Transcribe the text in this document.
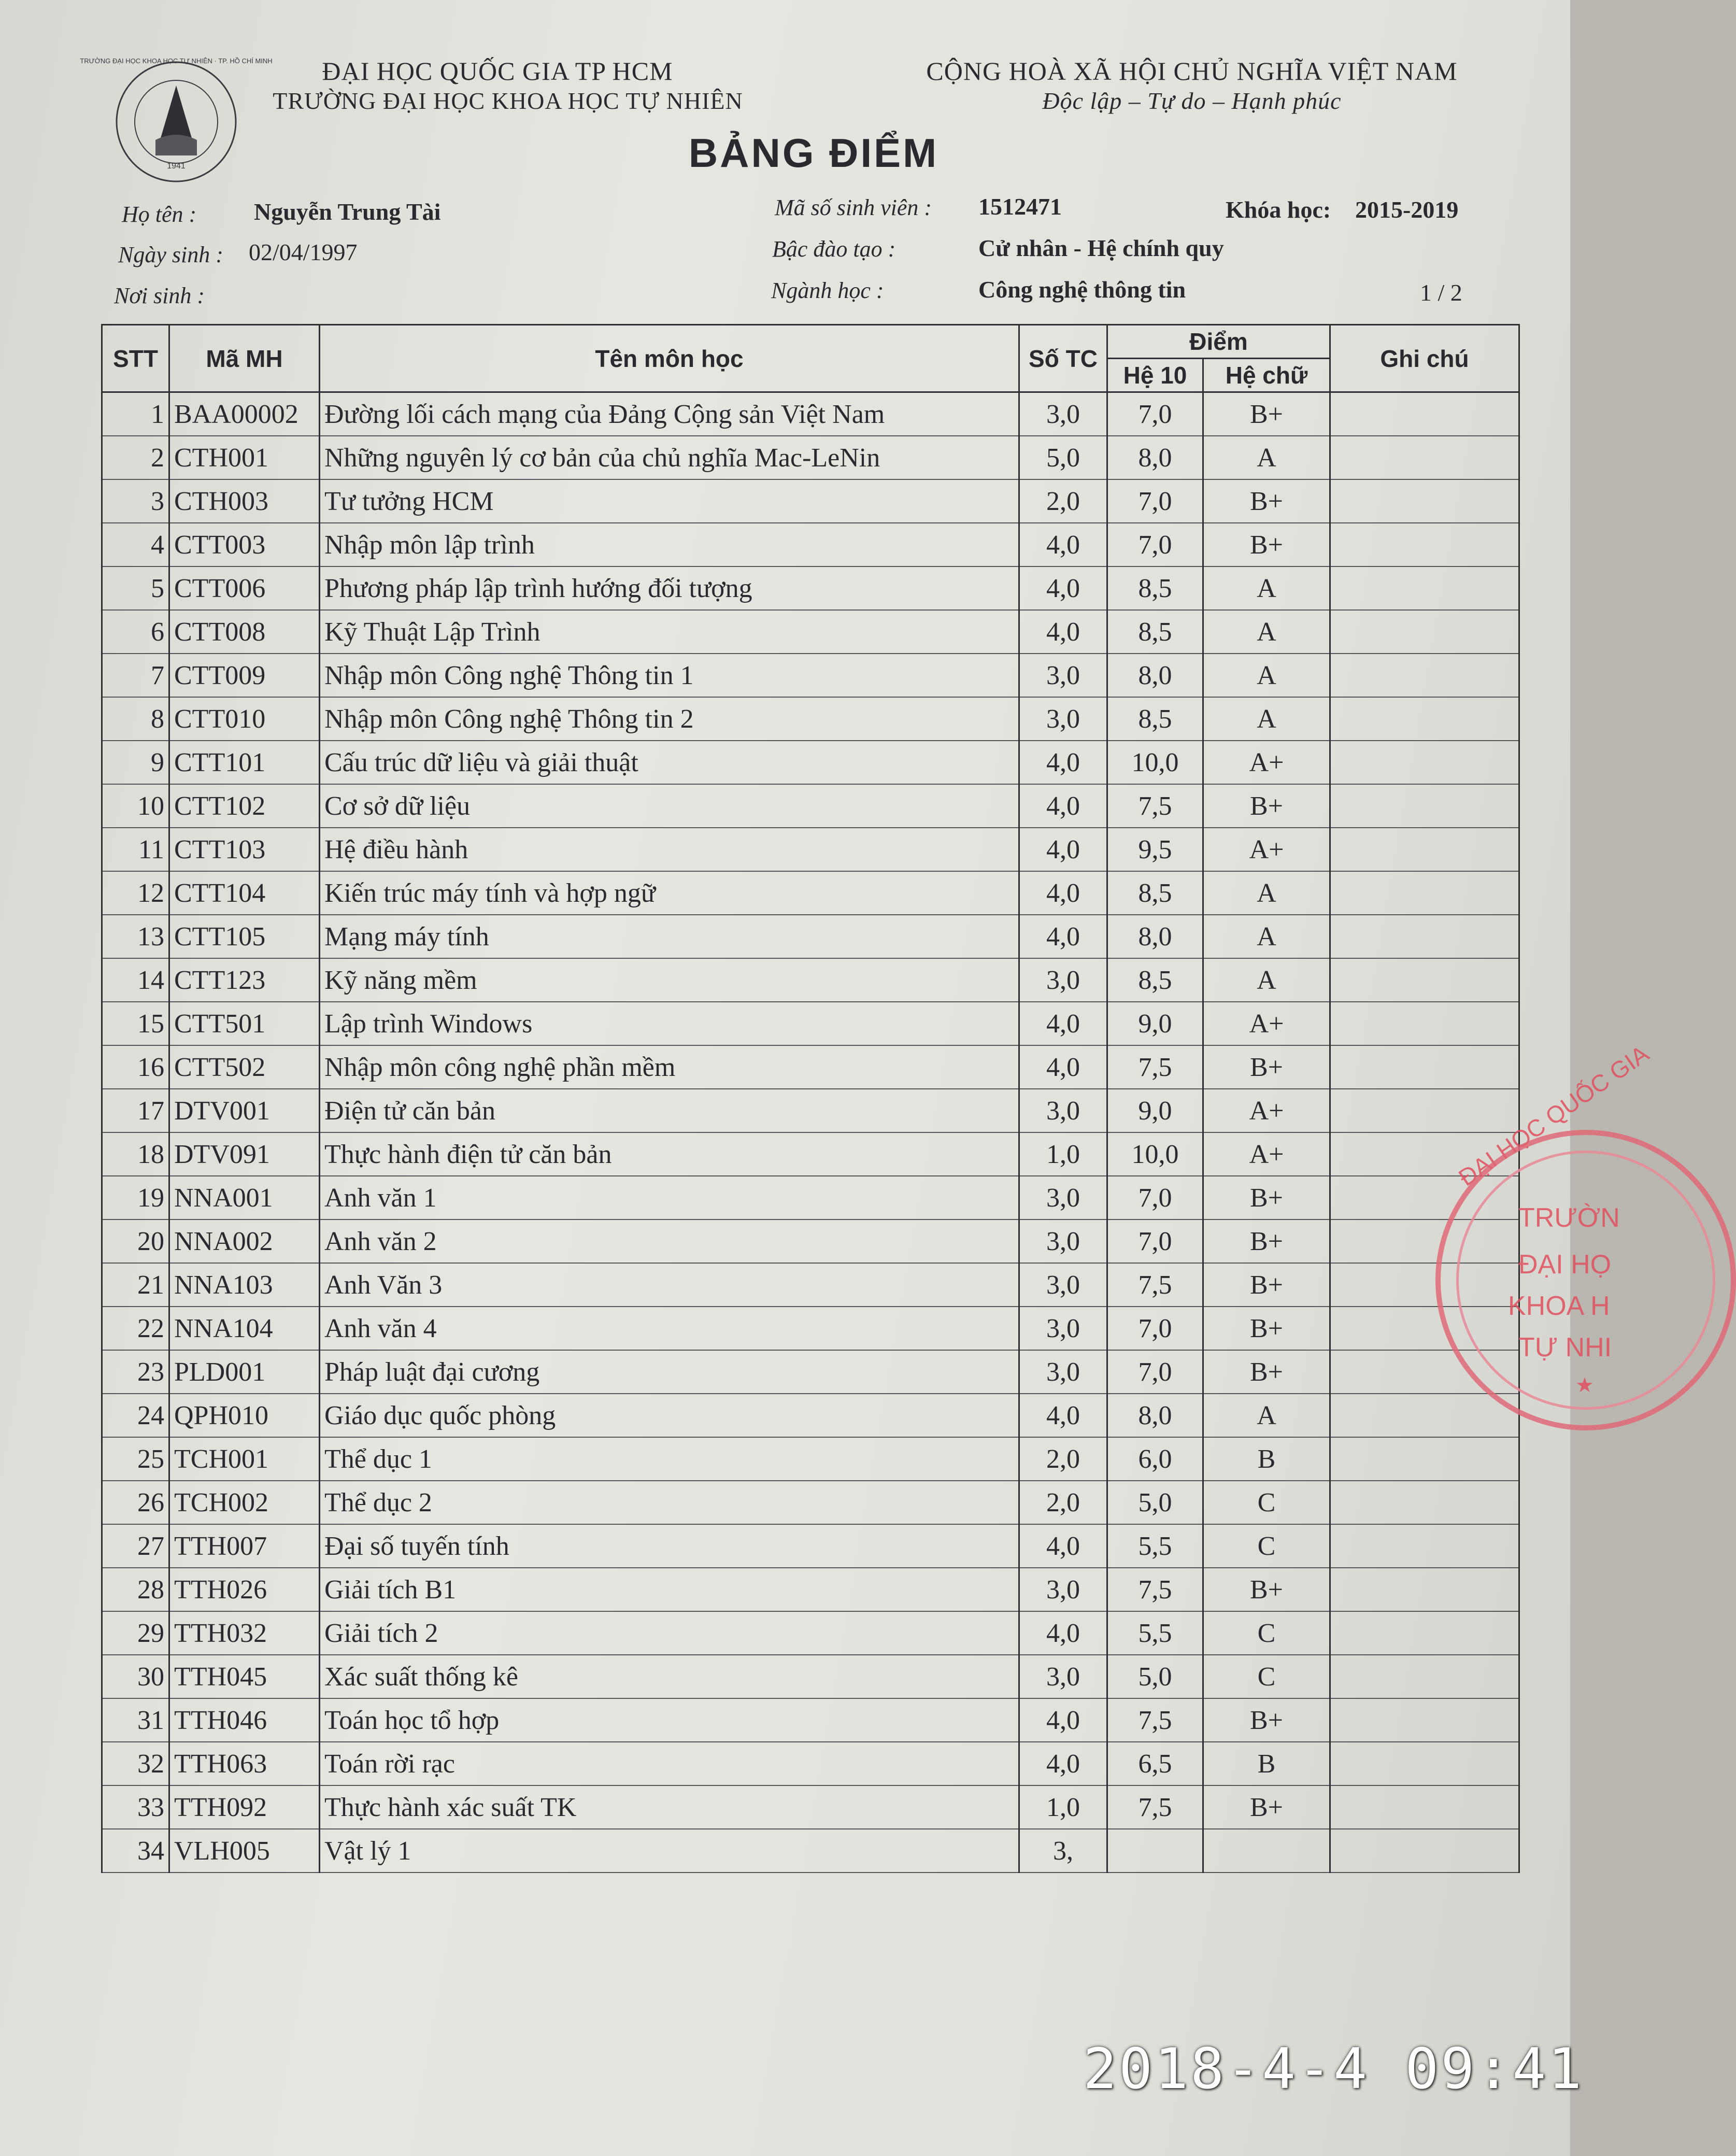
1941
TRƯỜNG ĐẠI HỌC KHOA HỌC TỰ NHIÊN · TP. HỒ CHÍ MINH	ĐẠI HỌC QUỐC GIA TP HCM
TRƯỜNG ĐẠI HỌC KHOA HỌC TỰ NHIÊN
CỘNG HOÀ XÃ HỘI CHỦ NGHĨA VIỆT NAM
Độc lập – Tự do – Hạnh phúc
BẢNG ĐIỂM
Họ tên : Nguyễn Trung Tài
Ngày sinh : 02/04/1997
Nơi sinh :
Mã số sinh viên : 1512471	Khóa học: 2015-2019
Bậc đào tạo :	Cử nhân - Hệ chính quy
Ngành học :	Công nghệ thông tin	1 / 2
STT	Mã MH	Tên môn học	Số TC	Điểm		Ghi chú
				Hệ 10	Hệ chữ	
1	BAA00002	Đường lối cách mạng của Đảng Cộng sản Việt Nam	3,0	7,0	B+	
2	CTH001	Những nguyên lý cơ bản của chủ nghĩa Mac-LeNin	5,0	8,0	A	
3	CTH003	Tư tưởng HCM	2,0	7,0	B+	
4	CTT003	Nhập môn lập trình	4,0	7,0	B+	
5	CTT006	Phương pháp lập trình hướng đối tượng	4,0	8,5	A	
6	CTT008	Kỹ Thuật Lập Trình	4,0	8,5	A	
7	CTT009	Nhập môn Công nghệ Thông tin 1	3,0	8,0	A	
8	CTT010	Nhập môn Công nghệ Thông tin 2	3,0	8,5	A	
9	CTT101	Cấu trúc dữ liệu và giải thuật	4,0	10,0	A+	
10	CTT102	Cơ sở dữ liệu	4,0	7,5	B+	
11	CTT103	Hệ điều hành	4,0	9,5	A+	
12	CTT104	Kiến trúc máy tính và hợp ngữ	4,0	8,5	A	
13	CTT105	Mạng máy tính	4,0	8,0	A	
14	CTT123	Kỹ năng mềm	3,0	8,5	A	
15	CTT501	Lập trình Windows	4,0	9,0	A+	
16	CTT502	Nhập môn công nghệ phần mềm	4,0	7,5	B+	
17	DTV001	Điện tử căn bản	3,0	9,0	A+	
18	DTV091	Thực hành điện tử căn bản	1,0	10,0	A+	
19	NNA001	Anh văn 1	3,0	7,0	B+	
20	NNA002	Anh văn 2	3,0	7,0	B+	
21	NNA103	Anh Văn 3	3,0	7,5	B+	
22	NNA104	Anh văn 4	3,0	7,0	B+	
23	PLD001	Pháp luật đại cương	3,0	7,0	B+	
24	QPH010	Giáo dục quốc phòng	4,0	8,0	A	
25	TCH001	Thể dục 1	2,0	6,0	B	
26	TCH002	Thể dục 2	2,0	5,0	C	
27	TTH007	Đại số tuyến tính	4,0	5,5	C	
28	TTH026	Giải tích B1	3,0	7,5	B+	
29	TTH032	Giải tích 2	4,0	5,5	C	
30	TTH045	Xác suất thống kê	3,0	5,0	C	
31	TTH046	Toán học tổ hợp	4,0	7,5	B+	
32	TTH063	Toán rời rạc	4,0	6,5	B	
33	TTH092	Thực hành xác suất TK	1,0	7,5	B+	
34	VLH005	Vật lý 1	3,			
ĐẠI HỌC QUỐC GIA
TRƯỜN
ĐẠI HỌ
KHOA H
TỰ NHI
★
2018-4-4 09:41
